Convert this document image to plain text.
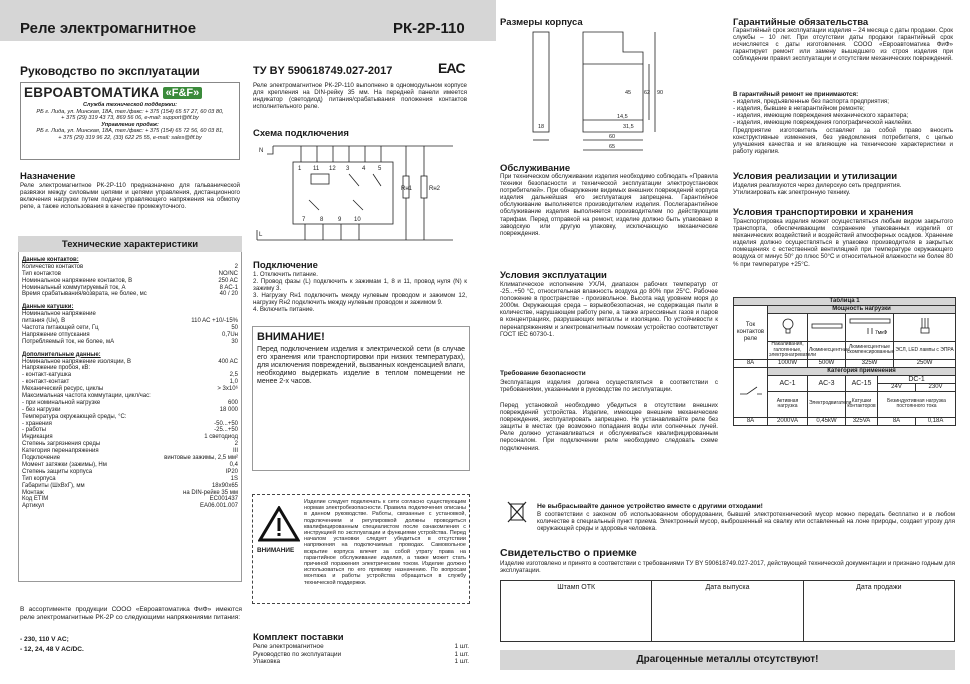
Реле электромагнитное	РК-2Р-110
Руководство по эксплуатации
ЕВРОАВТОМАТИКА «F&F»
Служба технической поддержки:
РБ г. Лида, ул. Минская, 18А, тел./факс: + 375 (154) 65 57 27, 60 03 80,
+ 375 (29) 319 43 73, 869 56 06, e-mail: support@fif.by
Управление продаж:
РБ г. Лида, ул. Минская, 18А, тел./факс: + 375 (154) 65 72 56, 60 03 81,
+ 375 (29) 319 96 22, (33) 622 25 55, e-mail: sales@fif.by
Назначение
Реле электромагнитное РК-2Р-110 предназначено для гальванической развязки между силовыми цепями и цепями управления, дистанционного включения нагрузки путем подачи управляющего напряжения на обмотку реле, а также использования в качестве промежуточного.
Технические характеристики
Данные контактов:
Количество контактов	2
Тип контактов	NO/NC
Номинальное напряжение контактов, В	250 AC
Номинальный коммутируемый ток, А	8 AC-1
Время срабатывания/возврата, не более, мс	40 / 20
Данные катушки:
Номинальное напряжение
питания (Uн), В	110 AC +10/-15%
Частота питающей сети, Гц	50
Напряжение отпускания	0,7Uн
Потребляемый ток, не более, мА	30
Дополнительные данные:
Номинальное напряжение изоляции, В	400 AC
Напряжение пробоя, кВ:
- контакт-катушка	2,5
- контакт-контакт	1,0
Механический ресурс, циклы	> 3x10⁶
Максимальная частота коммутации, цикл/час:
- при номинальной нагрузке	600
- без нагрузки	18 000
Температура окружающей среды, °С:
- хранения	-50...+50
- работы	-25...+50
Индикация	1 светодиод
Степень загрязнения среды	2
Категория перенапряжения	III
Подключение	винтовые зажимы, 2,5 мм²
Момент затяжки (зажимы), Нм	0,4
Степень защиты корпуса	IP20
Тип корпуса	1S
Габариты (ШхВхГ), мм	18х90х65
Монтаж	на DIN-рейке 35 мм
Код ETIM	EC001437
Артикул	EA06.001.007
В ассортименте продукции СООО «Евроавтоматика ФиФ» имеются реле электромагнитные РК-2Р со следующими напряжениями питания:
- 230, 110 V AC;
- 12, 24, 48 V AC/DC.
ТУ BY 590618749.027-2017	EAC
Реле электромагнитное РК-2Р-110 выполнено в одномодульном корпусе для крепления на DIN-рейку 35 мм. На передней панели имеется индикатор (светодиод) питания/срабатывания положения контактов исполнительного реле.
Схема подключения
1 11 12 3 4 5
7 8 9 10
Rн1	Rн2
N
L
Подключение
1. Отключить питание.
2. Провод фазы (L) подключить к зажимам 1, 8 и 11, провод нуля (N) к зажиму 3.
3. Нагрузку Rн1 подключить между нулевым проводом и зажимом 12, нагрузку Rн2 подключить между нулевым проводом и зажимом 9.
4. Включить питание.
ВНИМАНИЕ!
Перед подключением изделия к электрической сети (в случае его хранения или транспортировки при низких температурах), для исключения повреждений, вызванных конденсацией влаги, необходимо выдержать изделие в теплом помещении не менее 2-х часов.
ВНИМАНИЕ
Изделие следует подключать к сети согласно существующим нормам электробезопасности. Правила подключения описаны в данном руководстве. Работы, связанные с установкой, подключением и регулировкой должны проводиться квалифицированным специалистом после ознакомления с инструкцией по эксплуатации и функциями устройства. Перед началом установки следует убедиться в отсутствии напряжения на подключаемых проводах. Самовольное вскрытие корпуса влечет за собой утрату права на гарантийное обслуживание изделия, а также может стать причиной поражения электрическим током. Изделие должно использоваться по его прямому назначению. По вопросам монтажа и работы устройства обращаться в службу технической поддержки.
Комплект поставки
Реле электромагнитное	1 шт.
Руководство по эксплуатации	1 шт.
Упаковка	1 шт.
Размеры корпуса
18
45 62 90
14,5
31,5
60
65
Обслуживание
При техническом обслуживании изделия необходимо соблюдать «Правила техники безопасности и технической эксплуатации электроустановок потребителей». При обнаружении видимых внешних повреждений корпуса изделия дальнейшая его эксплуатация запрещена. Гарантийное обслуживание выполняется производителем изделия. Послегарантийное обслуживание изделия выполняется производителем по действующим тарифам. Перед отправкой на ремонт, изделие должно быть упаковано в заводскую или другую упаковку, исключающую механические повреждения.
Условия эксплуатации
Климатическое исполнение УХЛ4, диапазон рабочих температур от -25...+50 °С, относительная влажность воздуха до 80% при 25°С. Рабочее положение в пространстве - произвольное. Высота над уровнем моря до 2000м. Окружающая среда – взрывобезопасная, не содержащая пыли в количестве, нарушающем работу реле, а также агрессивных газов и паров в концентрациях, разрушающих металлы и изоляцию. По устойчивости к перенапряжениям и электромагнитным помехам устройство соответствует ГОСТ IEC 60730-1.
Требование безопасности
Эксплуатация изделия должна осуществляться в соответствии с требованиями, указанными в руководстве по эксплуатации.
Перед установкой необходимо убедиться в отсутствии внешних повреждений устройства. Изделие, имеющее внешние механические повреждения, эксплуатировать запрещено. Не устанавливайте реле без защиты в местах где возможно попадания воды или солнечных лучей. Реле должно устанавливаться и обслуживаться квалифицированным персоналом. При подключении реле необходимо следовать схеме подключения.
Гарантийные обязательства
Гарантийный срок эксплуатации изделия – 24 месяца с даты продажи. Срок службы – 10 лет. При отсутствии даты продажи гарантийный срок исчисляется с даты изготовления. СООО «Евроавтоматика ФиФ» гарантирует ремонт или замену вышедшего из строя изделия при соблюдении правил эксплуатации и отсутствии механических повреждений.
В гарантийный ремонт не принимаются:
- изделия, предъявленные без паспорта предприятия;
- изделия, бывшие в негарантийном ремонте;
- изделия, имеющие повреждения механического характера;
- изделия, имеющие повреждения голографической наклейки.
Предприятие изготовитель оставляет за собой право вносить конструктивные изменения, без уведомления потребителя, с целью улучшения качества и не влияющие на технические характеристики и работу изделия.
Условия реализации и утилизации
Изделия реализуются через дилерскую сеть предприятия.
Утилизировать как электронную технику.
Условия транспортировки и хранения
Транспортировка изделия может осуществляться любым видом закрытого транспорта, обеспечивающим сохранение упакованных изделий от механических воздействий и воздействий атмосферных осадков. Хранение изделия должно осуществляться в упаковке производителя в закрытых помещениях с естественной вентиляцией при температуре окружающего воздуха от минус 50° до плюс 50°С и относительной влажности не более 80 % при температуре +25°С.
Таблица 1						
Ток контактов реле	Мощность нагрузки					

7мкФ

	Накаливания, галогенные, электронагреватели	Люминесцентные	Люминесцентные скомпенсированные		ЭСЛ, LED лампы с ЭПРА	
8A	1000W	500W	325W		250W	
	Категория применения					
	AC-1	AC-3	AC-15	DC-1		
				24V		230V
	Активная нагрузка	Электродвигатели	Катушки контакторов	Безиндуктивная нагрузка постоянного тока		
8A	2000VA	0,45kW	325VA	8A		0,18A
Не выбрасывайте данное устройство вместе с другими отходами!
В соответствии с законом об использованном оборудовании, бывший электротехнический мусор можно передать бесплатно и в любом количестве в специальный пункт приема. Электронный мусор, выброшенный на свалку или оставленный на лоне природы, создает угрозу для окружающей среды и здоровья человека.
Свидетельство о приемке
Изделие изготовлено и принято в соответствии с требованиями ТУ BY 590618749.027-2017, действующей технической документации и признано годным для эксплуатации.
Штамп ОТК	Дата выпуска	Дата продажи
Драгоценные металлы отсутствуют!
